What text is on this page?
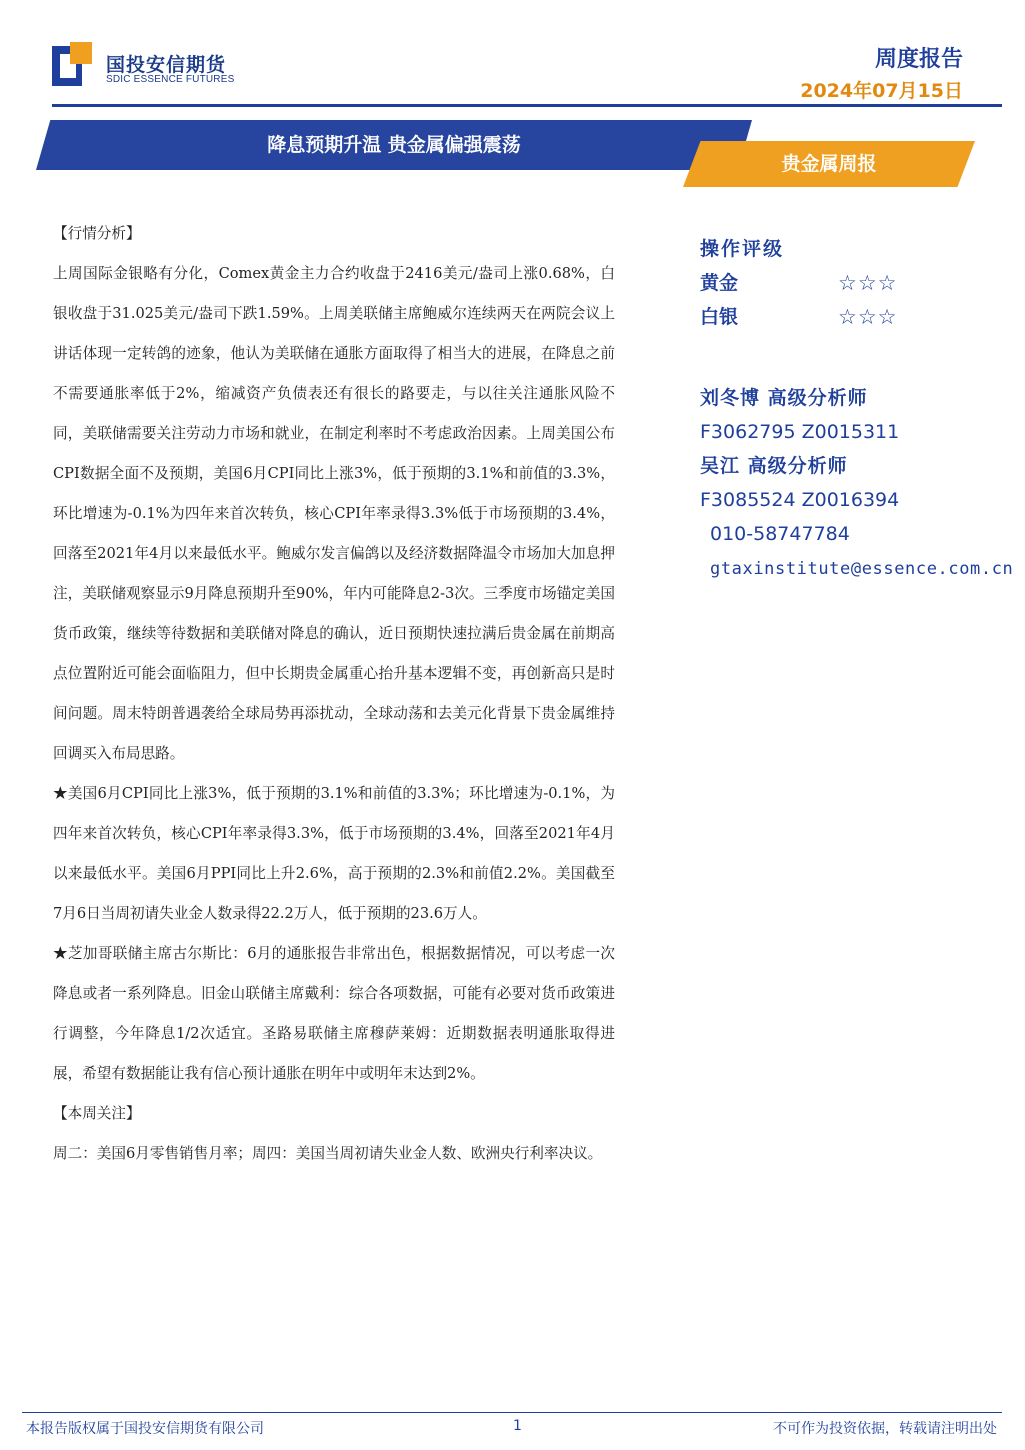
国投安信期货
SDIC ESSENCE FUTURES
周度报告
2024年07月15日
降息预期升温 贵金属偏强震荡
贵金属周报

【行情分析】

上周国际金银略有分化，Comex黄金主力合约收盘于2416美元/盎司上涨0.68%，白银收盘于31.025美元/盎司下跌1.59%。上周美联储主席鲍威尔连续两天在两院会议上讲话体现一定转鸽的迹象，他认为美联储在通胀方面取得了相当大的进展，在降息之前不需要通胀率低于2%，缩减资产负债表还有很长的路要走，与以往关注通胀风险不同，美联储需要关注劳动力市场和就业，在制定利率时不考虑政治因素。上周美国公布CPI数据全面不及预期，美国6月CPI同比上涨3%，低于预期的3.1%和前值的3.3%，环比增速为-0.1%为四年来首次转负，核心CPI年率录得3.3%低于市场预期的3.4%，回落至2021年4月以来最低水平。鲍威尔发言偏鸽以及经济数据降温令市场加大加息押注，美联储观察显示9月降息预期升至90%，年内可能降息2-3次。三季度市场锚定美国货币政策，继续等待数据和美联储对降息的确认，近日预期快速拉满后贵金属在前期高点位置附近可能会面临阻力，但中长期贵金属重心抬升基本逻辑不变，再创新高只是时间问题。周末特朗普遇袭给全球局势再添扰动，全球动荡和去美元化背景下贵金属维持回调买入布局思路。

★美国6月CPI同比上涨3%，低于预期的3.1%和前值的3.3%；环比增速为-0.1%，为四年来首次转负，核心CPI年率录得3.3%，低于市场预期的3.4%，回落至2021年4月以来最低水平。美国6月PPI同比上升2.6%，高于预期的2.3%和前值2.2%。美国截至7月6日当周初请失业金人数录得22.2万人，低于预期的23.6万人。

★芝加哥联储主席古尔斯比：6月的通胀报告非常出色，根据数据情况，可以考虑一次降息或者一系列降息。旧金山联储主席戴利：综合各项数据，可能有必要对货币政策进行调整，今年降息1/2次适宜。圣路易联储主席穆萨莱姆：近期数据表明通胀取得进展，希望有数据能让我有信心预计通胀在明年中或明年末达到2%。

【本周关注】

周二：美国6月零售销售月率；周四：美国当周初请失业金人数、欧洲央行利率决议。

操作评级
黄金	☆☆☆
白银	☆☆☆
刘冬博 高级分析师
F3062795 Z0015311
吴江 高级分析师
F3085524 Z0016394
010-58747784
gtaxinstitute@essence.com.cn
本报告版权属于国投安信期货有限公司	1	不可作为投资依据，转载请注明出处
